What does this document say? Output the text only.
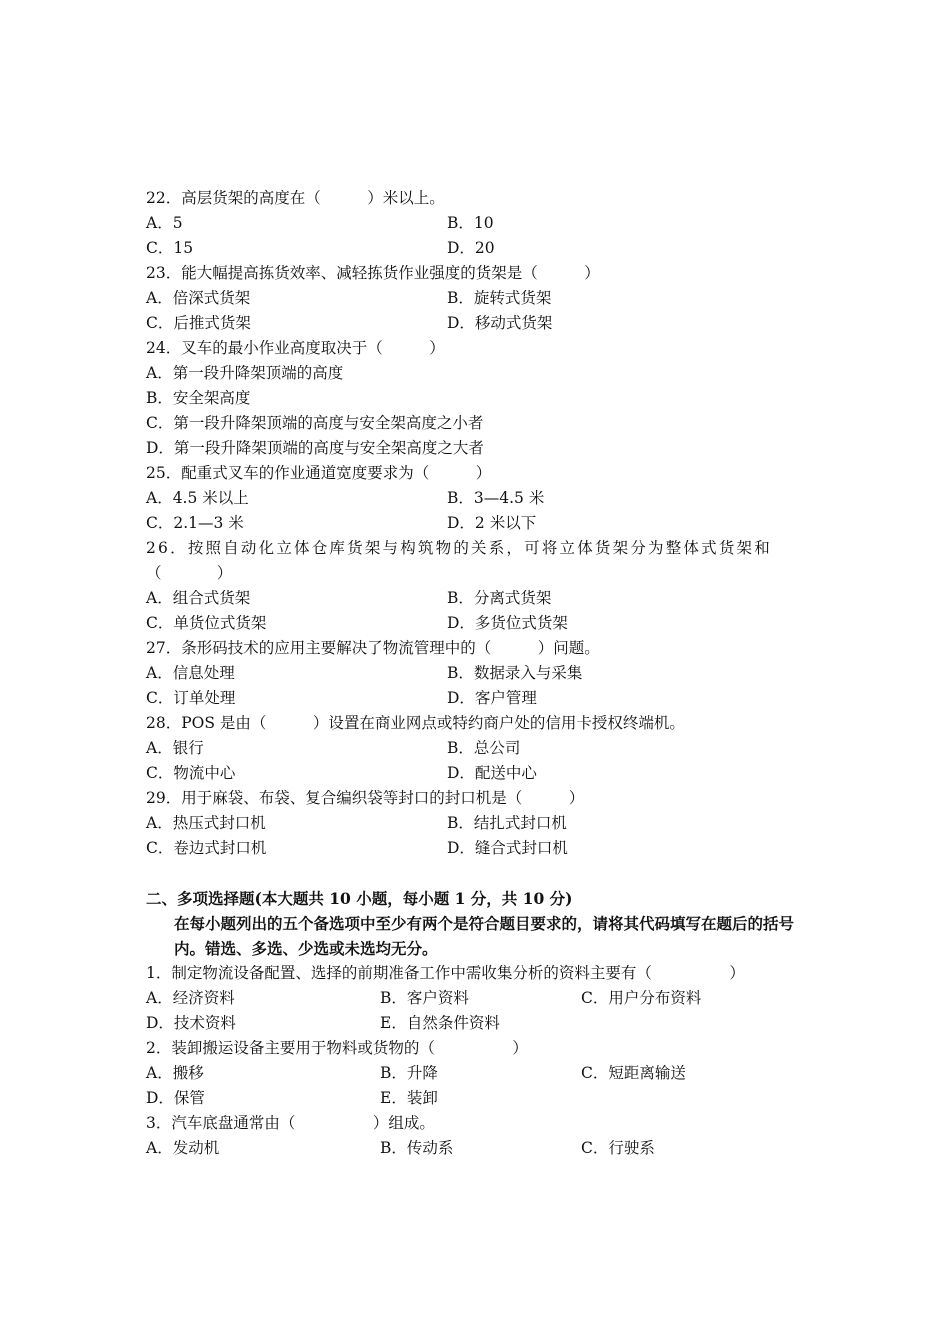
22．高层货架的高度在（　　　）米以上。
A．5	B．10
C．15	D．20
23．能大幅提高拣货效率、减轻拣货作业强度的货架是（　　　）
A．倍深式货架	B．旋转式货架
C．后推式货架	D．移动式货架
24．叉车的最小作业高度取决于（　　　）
A．第一段升降架顶端的高度
B．安全架高度
C．第一段升降架顶端的高度与安全架高度之小者
D．第一段升降架顶端的高度与安全架高度之大者
25．配重式叉车的作业通道宽度要求为（　　　）
A．4.5 米以上	B．3—4.5 米
C．2.1—3 米	D．2 米以下
26．按照自动化立体仓库货架与构筑物的关系，可将立体货架分为整体式货架和（　　　）
A．组合式货架	B．分离式货架
C．单货位式货架	D．多货位式货架
27．条形码技术的应用主要解决了物流管理中的（　　　）问题。
A．信息处理	B．数据录入与采集
C．订单处理	D．客户管理
28．POS 是由（　　　）设置在商业网点或特约商户处的信用卡授权终端机。
A．银行	B．总公司
C．物流中心	D．配送中心
29．用于麻袋、布袋、复合编织袋等封口的封口机是（　　　）
A．热压式封口机	B．结扎式封口机
C．卷边式封口机	D．缝合式封口机
二、多项选择题(本大题共 10 小题，每小题 1 分，共 10 分)
在每小题列出的五个备选项中至少有两个是符合题目要求的，请将其代码填写在题后的括号内。错选、多选、少选或未选均无分。
1．制定物流设备配置、选择的前期准备工作中需收集分析的资料主要有（　　　　　）
A．经济资料	B．客户资料	C．用户分布资料
D．技术资料	E．自然条件资料
2．装卸搬运设备主要用于物料或货物的（　　　　　）
A．搬移	B．升降	C．短距离输送
D．保管	E．装卸
3．汽车底盘通常由（　　　　　）组成。
A．发动机	B．传动系	C．行驶系
